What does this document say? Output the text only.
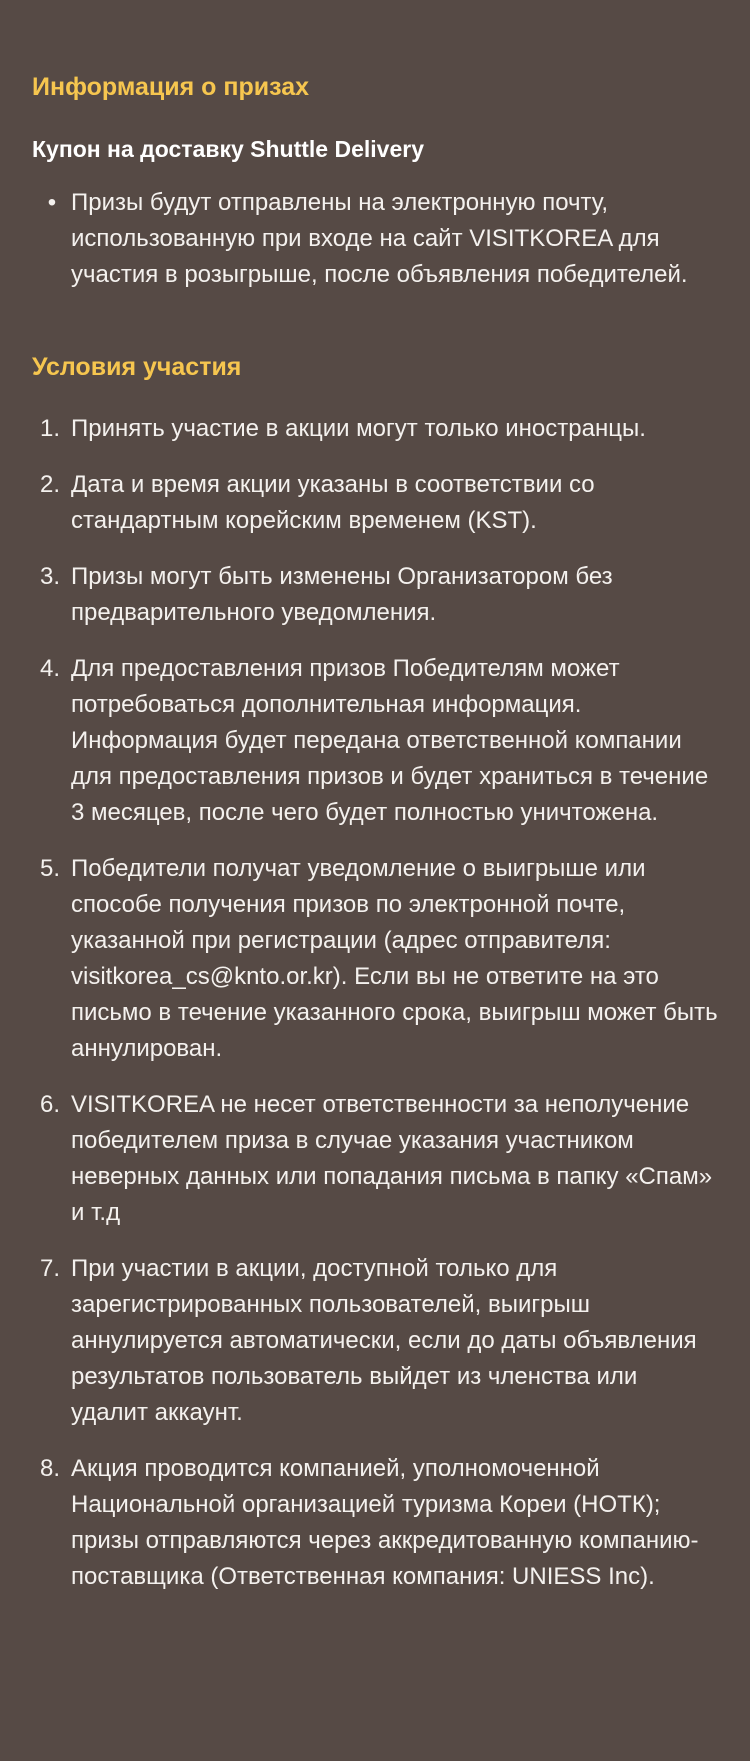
Информация о призах
Купон на доставку Shuttle Delivery
• Призы будут отправлены на электронную почту, использованную при входе на сайт VISITKOREA для участия в розыгрыше, после объявления победителей.
Условия участия
1. Принять участие в акции могут только иностранцы.
2. Дата и время акции указаны в соответствии со стандартным корейским временем (KST).
3. Призы могут быть изменены Организатором без предварительного уведомления.
4. Для предоставления призов Победителям может потребоваться дополнительная информация. Информация будет передана ответственной компании для предоставления призов и будет храниться в течение 3 месяцев, после чего будет полностью уничтожена.
5. Победители получат уведомление о выигрыше или способе получения призов по электронной почте, указанной при регистрации (адрес отправителя: visitkorea_cs@knto.or.kr). Если вы не ответите на это письмо в течение указанного срока, выигрыш может быть аннулирован.
6. VISITKOREA не несет ответственности за неполучение победителем приза в случае указания участником неверных данных или попадания письма в папку «Спам» и т.д
7. При участии в акции, доступной только для зарегистрированных пользователей, выигрыш аннулируется автоматически, если до даты объявления результатов пользователь выйдет из членства или удалит аккаунт.
8. Акция проводится компанией, уполномоченной Национальной организацией туризма Кореи (НОТК); призы отправляются через аккредитованную компанию-поставщика (Ответственная компания: UNIESS Inc).
